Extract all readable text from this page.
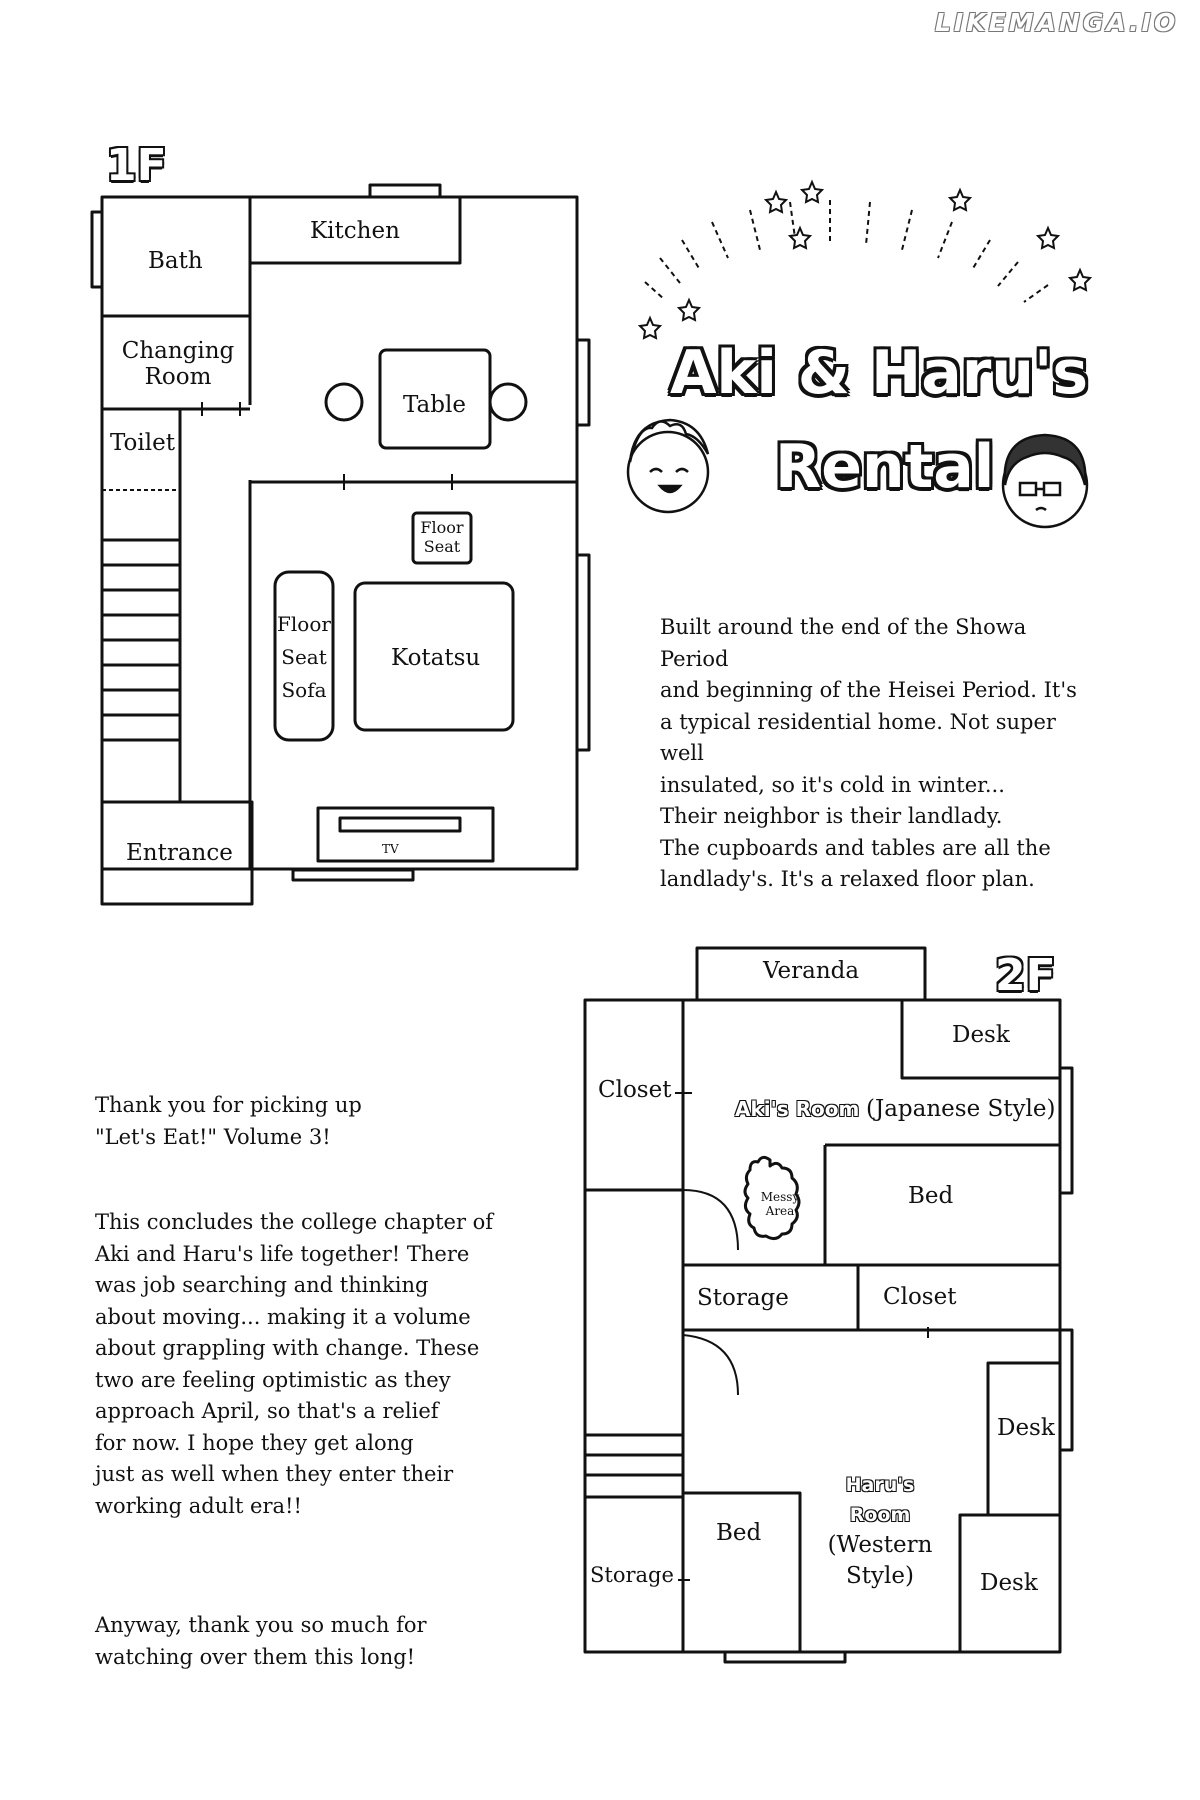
LIKEMANGA.IO
1F
Bath
Kitchen
Changing
Room
Table
Toilet
Floor
Seat
Floor
Seat
Sofa
Kotatsu
Entrance	TV
Aki & Haru's
Rental
Built around the end of the Showa Period
and beginning of the Heisei Period. It's
a typical residential home. Not super well
insulated, so it's cold in winter...
Their neighbor is their landlady.
The cupboards and tables are all the
landlady's. It's a relaxed floor plan.
2F
Veranda
Desk
Closet
Aki's Room (Japanese Style)
Messy
Area
Bed
Storage	Closet
Desk
Bed
Haru's
Room
(Western
Style)
Storage	Desk
Thank you for picking up
"Let's Eat!" Volume 3!
This concludes the college chapter of
Aki and Haru's life together! There
was job searching and thinking
about moving... making it a volume
about grappling with change. These
two are feeling optimistic as they
approach April, so that's a relief
for now. I hope they get along
just as well when they enter their
working adult era!!
Anyway, thank you so much for
watching over them this long!
